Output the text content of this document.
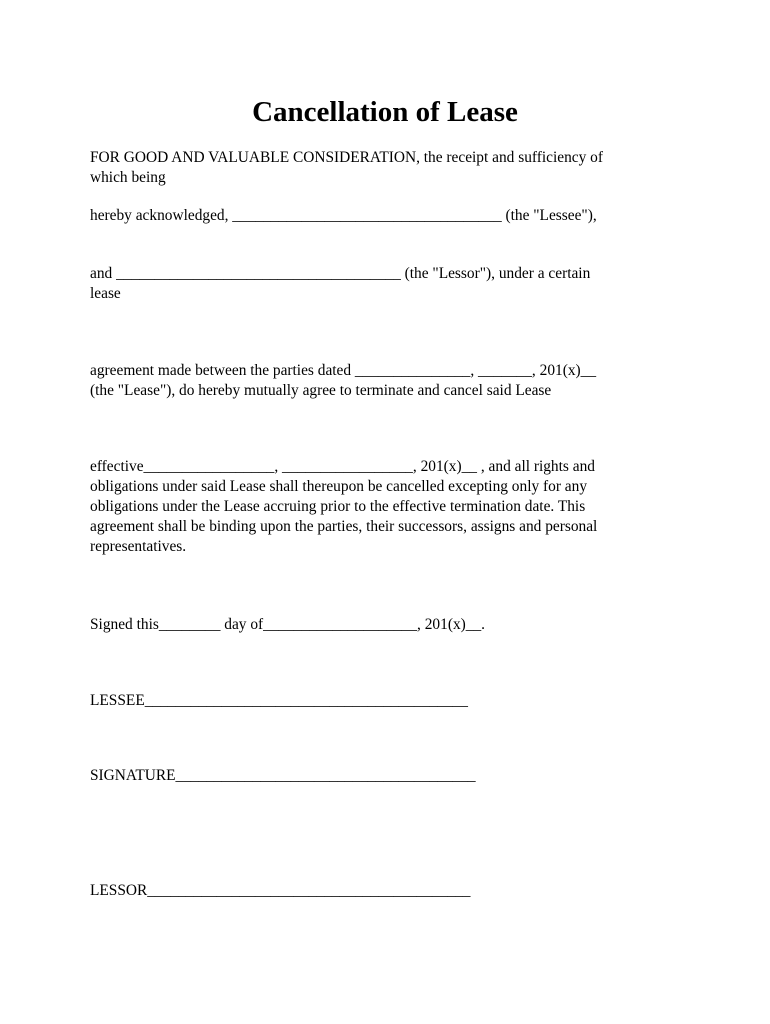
Cancellation of Lease
FOR GOOD AND VALUABLE CONSIDERATION, the receipt and sufficiency of
which being
hereby acknowledged, ___________________________________ (the "Lessee"),
and _____________________________________ (the "Lessor"), under a certain
lease
agreement made between the parties dated _______________, _______, 201(x)__
(the "Lease"), do hereby mutually agree to terminate and cancel said Lease
effective_________________, _________________, 201(x)__ , and all rights and
obligations under said Lease shall thereupon be cancelled excepting only for any
obligations under the Lease accruing prior to the effective termination date. This
agreement shall be binding upon the parties, their successors, assigns and personal
representatives.
Signed this________ day of____________________, 201(x)__.
LESSEE__________________________________________
SIGNATURE_______________________________________
LESSOR__________________________________________
